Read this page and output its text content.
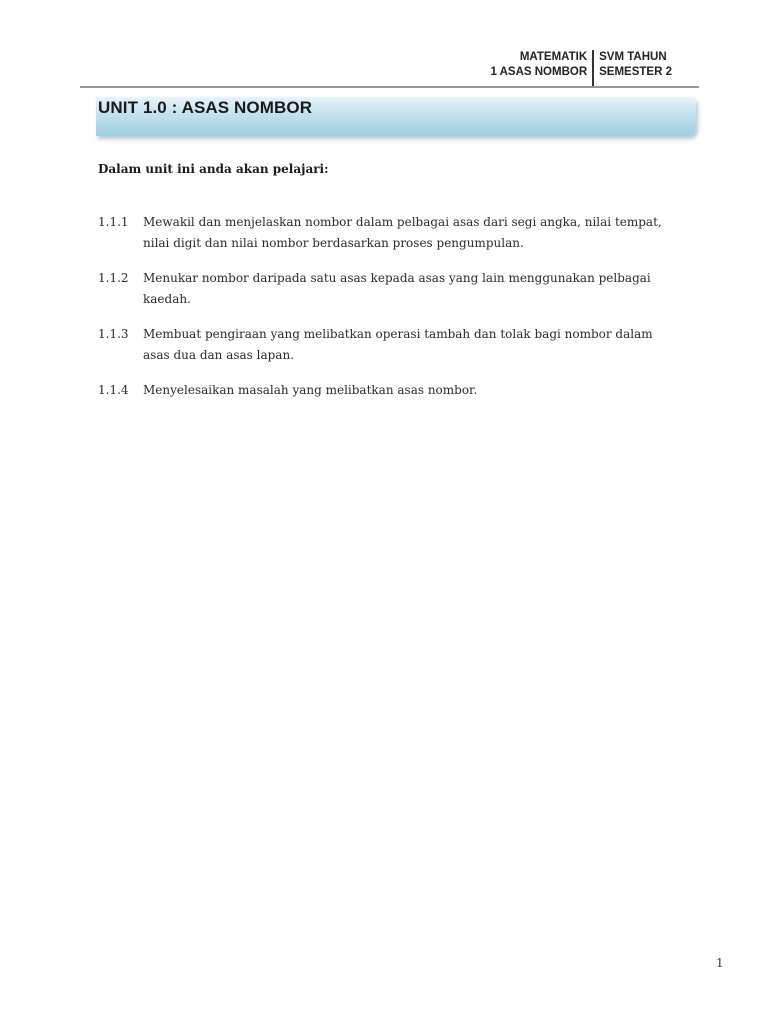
MATEMATIK
1 ASAS NOMBOR
SVM TAHUN
SEMESTER 2
UNIT 1.0 : ASAS NOMBOR
Dalam unit ini anda akan pelajari:
1.1.1	Mewakil dan menjelaskan nombor dalam pelbagai asas dari segi angka, nilai tempat, nilai digit dan nilai nombor berdasarkan proses pengumpulan.
1.1.2	Menukar nombor daripada satu asas kepada asas yang lain menggunakan pelbagai kaedah.
1.1.3	Membuat pengiraan yang melibatkan operasi tambah dan tolak bagi nombor dalam asas dua dan asas lapan.
1.1.4	Menyelesaikan masalah yang melibatkan asas nombor.
1
